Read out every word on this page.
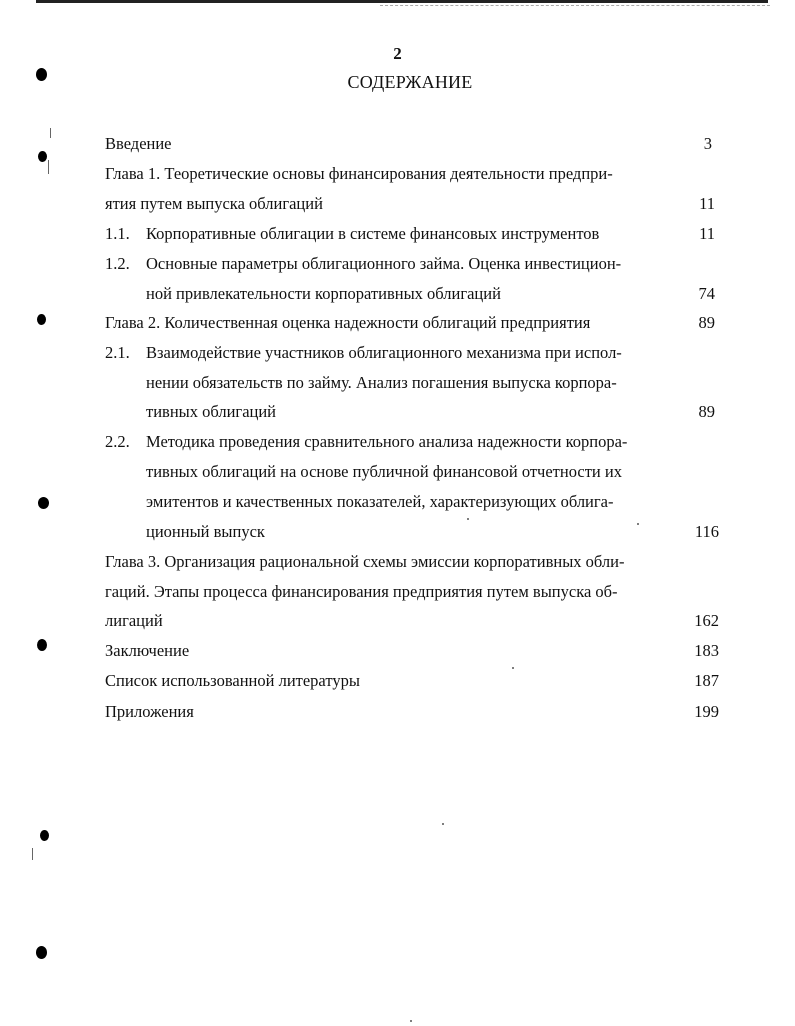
2
СОДЕРЖАНИЕ
Введение	3
Глава 1. Теоретические основы финансирования деятельности предпри-
ятия путем выпуска облигаций	11
1.1. Корпоративные облигации в системе финансовых инструментов	11
1.2. Основные параметры облигационного займа. Оценка инвестицион-
ной привлекательности корпоративных облигаций	74
Глава 2. Количественная оценка надежности облигаций предприятия	89
2.1. Взаимодействие участников облигационного механизма при испол-
нении обязательств по займу. Анализ погашения выпуска корпора-
тивных облигаций	89
2.2. Методика проведения сравнительного анализа надежности корпора-
тивных облигаций на основе публичной финансовой отчетности их
эмитентов и качественных показателей, характеризующих облига-
ционный выпуск	116
Глава 3. Организация рациональной схемы эмиссии корпоративных обли-
гаций. Этапы процесса финансирования предприятия путем выпуска об-
лигаций	162
Заключение	183
Список использованной литературы	187
Приложения	199
